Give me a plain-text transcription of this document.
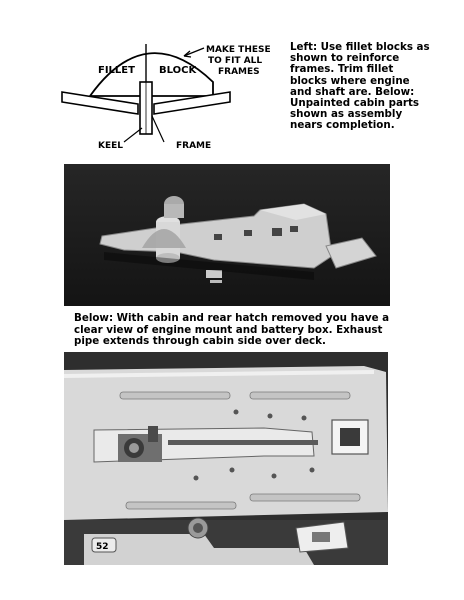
FILLET BLOCK
MAKE THESE
TO FIT ALL
FRAMES
KEEL	FRAME
Left: Use fillet blocks as shown to reinforce frames. Trim fillet blocks where engine and shaft are. Below: Unpainted cabin parts shown as assembly nears completion.
Below: With cabin and rear hatch removed you have a clear view of engine mount and battery box. Exhaust pipe extends through cabin side over deck.
52
